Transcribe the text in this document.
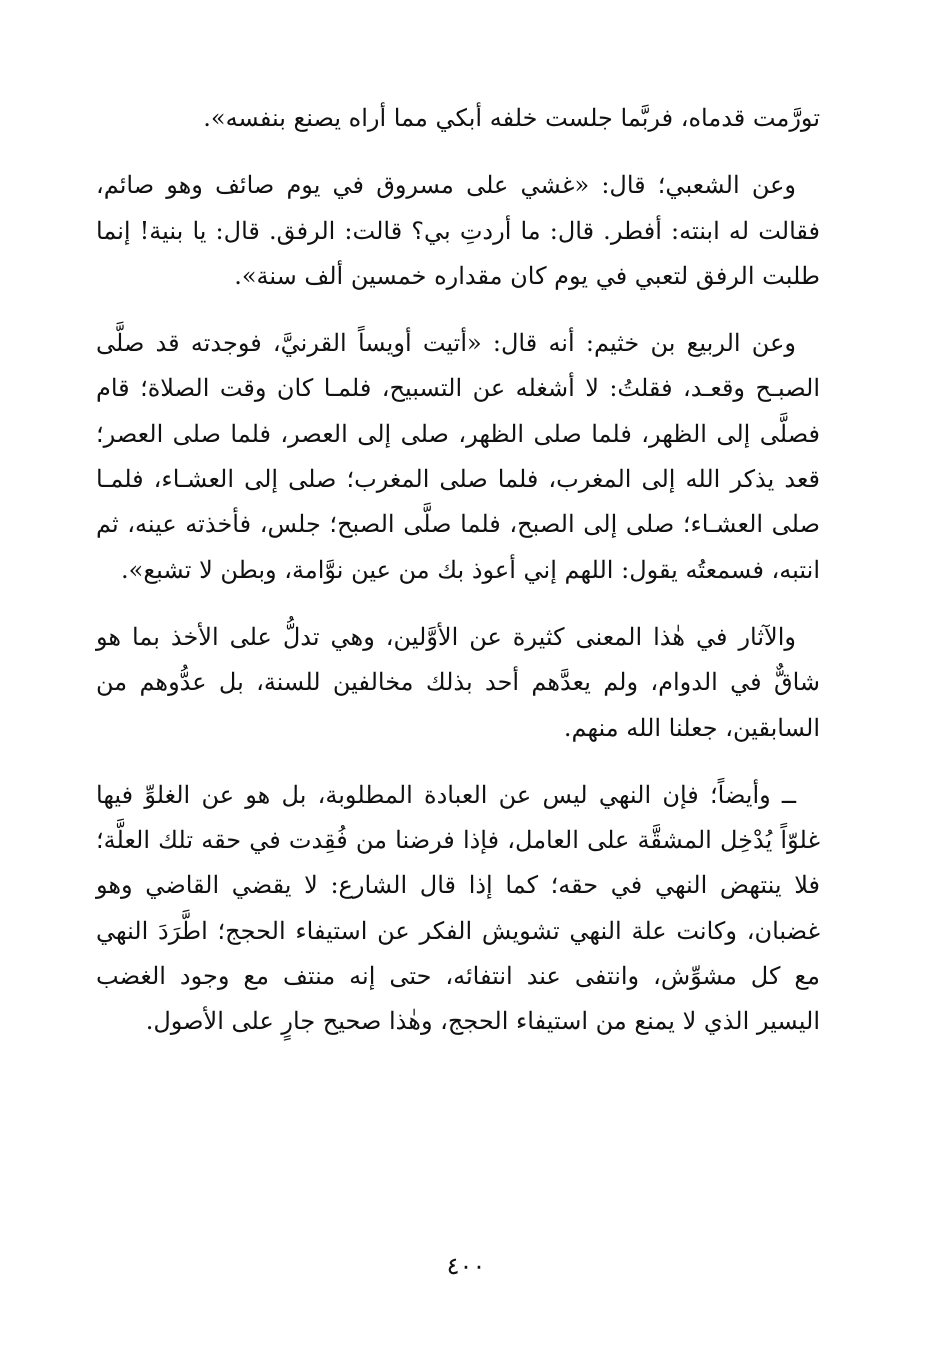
تورَّمت قدماه، فربَّما جلست خلفه أبكي مما أراه يصنع بنفسه».

وعن الشعبي؛ قال: «غشي على مسروق في يوم صائف وهو صائم، فقالت له ابنته: أفطر. قال: ما أردتِ بي؟ قالت: الرفق. قال: يا بنية! إنما طلبت الرفق لتعبي في يوم كان مقداره خمسين ألف سنة».

وعن الربيع بن خثيم: أنه قال: «أتيت أويساً القرنيَّ، فوجدته قد صلَّى الصبـح وقعـد، فقلتُ: لا أشغله عن التسبيح، فلمـا كان وقت الصلاة؛ قام فصلَّى إلى الظهر، فلما صلى الظهر، صلى إلى العصر، فلما صلى العصر؛ قعد يذكر الله إلى المغرب، فلما صلى المغرب؛ صلى إلى العشـاء، فلمـا صلى العشـاء؛ صلى إلى الصبح، فلما صلَّى الصبح؛ جلس، فأخذته عينه، ثم انتبه، فسمعتُه يقول: اللهم إني أعوذ بك من عين نوَّامة، وبطن لا تشبع».

والآثار في هٰذا المعنى كثيرة عن الأوَّلين، وهي تدلُّ على الأخذ بما هو شاقٌّ في الدوام، ولم يعدَّهم أحد بذلك مخالفين للسنة، بل عدُّوهم من السابقين، جعلنا الله منهم.

ــ وأيضاً؛ فإن النهي ليس عن العبادة المطلوبة، بل هو عن الغلوِّ فيها غلوّاً يُدْخِل المشقَّة على العامل، فإذا فرضنا من فُقِدت في حقه تلك العلَّة؛ فلا ينتهض النهي في حقه؛ كما إذا قال الشارع: لا يقضي القاضي وهو غضبان، وكانت علة النهي تشويش الفكر عن استيفاء الحجج؛ اطَّرَدَ النهي مع كل مشوِّش، وانتفى عند انتفائه، حتى إنه منتف مع وجود الغضب اليسير الذي لا يمنع من استيفاء الحجج، وهٰذا صحيح جارٍ على الأصول.

٤٠٠
